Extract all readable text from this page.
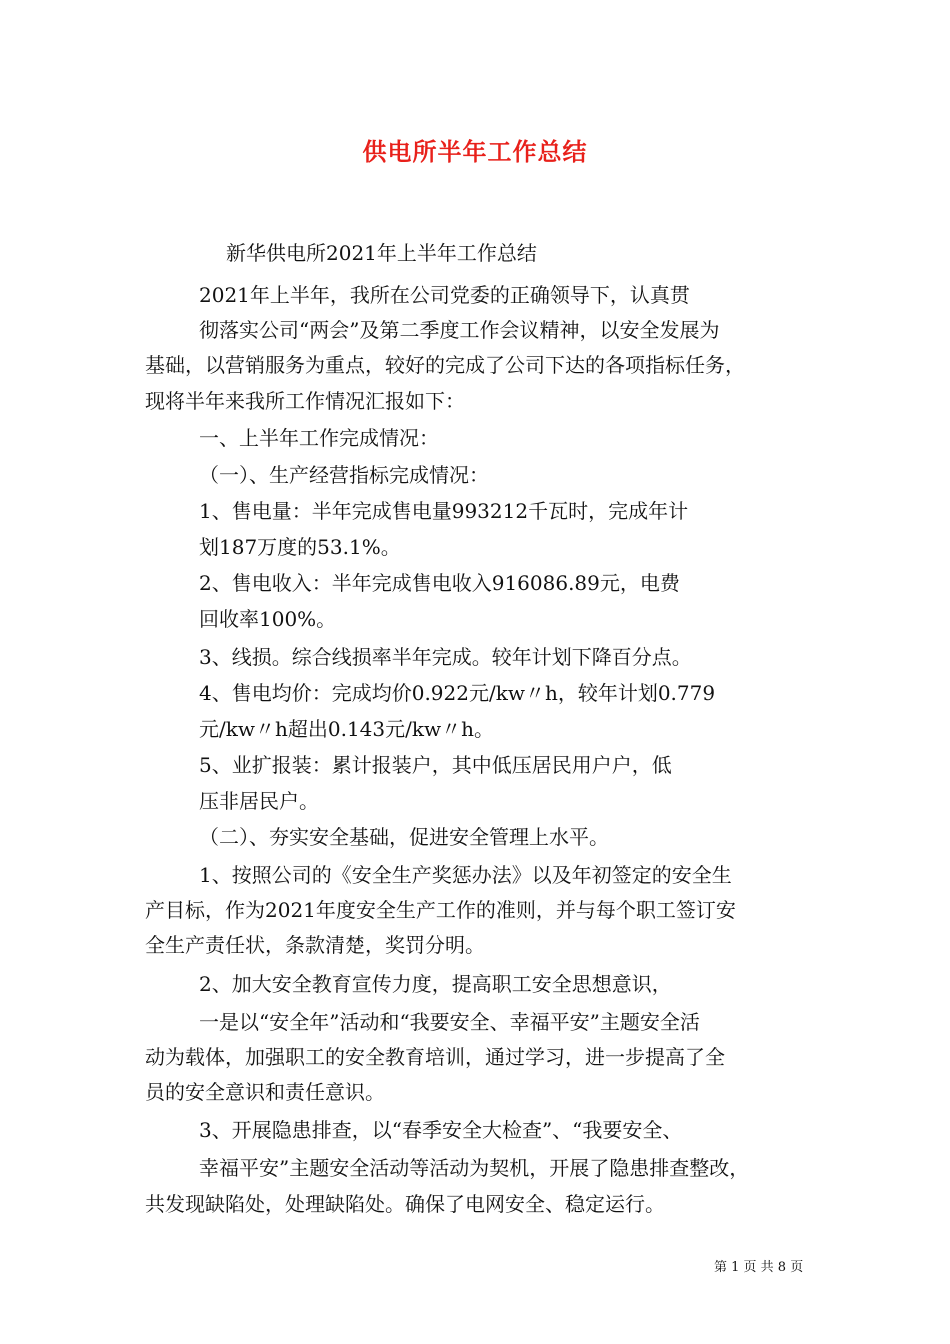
供电所半年工作总结
新华供电所2021年上半年工作总结
2021年上半年，我所在公司党委的正确领导下，认真贯
彻落实公司“两会”及第二季度工作会议精神，以安全发展为
基础，以营销服务为重点，较好的完成了公司下达的各项指标任务，
现将半年来我所工作情况汇报如下：
一、上半年工作完成情况：
（一）、生产经营指标完成情况：
1、售电量：半年完成售电量993212千瓦时，完成年计
划187万度的53.1%。
2、售电收入：半年完成售电收入916086.89元，电费
回收率100%。
3、线损。综合线损率半年完成。较年计划下降百分点。
4、售电均价：完成均价0.922元/kw〃h，较年计划0.779
元/kw〃h超出0.143元/kw〃h。
5、业扩报装：累计报装户，其中低压居民用户户，低
压非居民户。
（二）、夯实安全基础，促进安全管理上水平。
1、按照公司的《安全生产奖惩办法》以及年初签定的安全生
产目标，作为2021年度安全生产工作的准则，并与每个职工签订安
全生产责任状，条款清楚，奖罚分明。
2、加大安全教育宣传力度，提高职工安全思想意识，
一是以“安全年”活动和“我要安全、幸福平安”主题安全活
动为载体，加强职工的安全教育培训，通过学习，进一步提高了全
员的安全意识和责任意识。
3、开展隐患排查，以“春季安全大检查”、“我要安全、
幸福平安”主题安全活动等活动为契机，开展了隐患排查整改，
共发现缺陷处，处理缺陷处。确保了电网安全、稳定运行。
第 1 页 共 8 页
